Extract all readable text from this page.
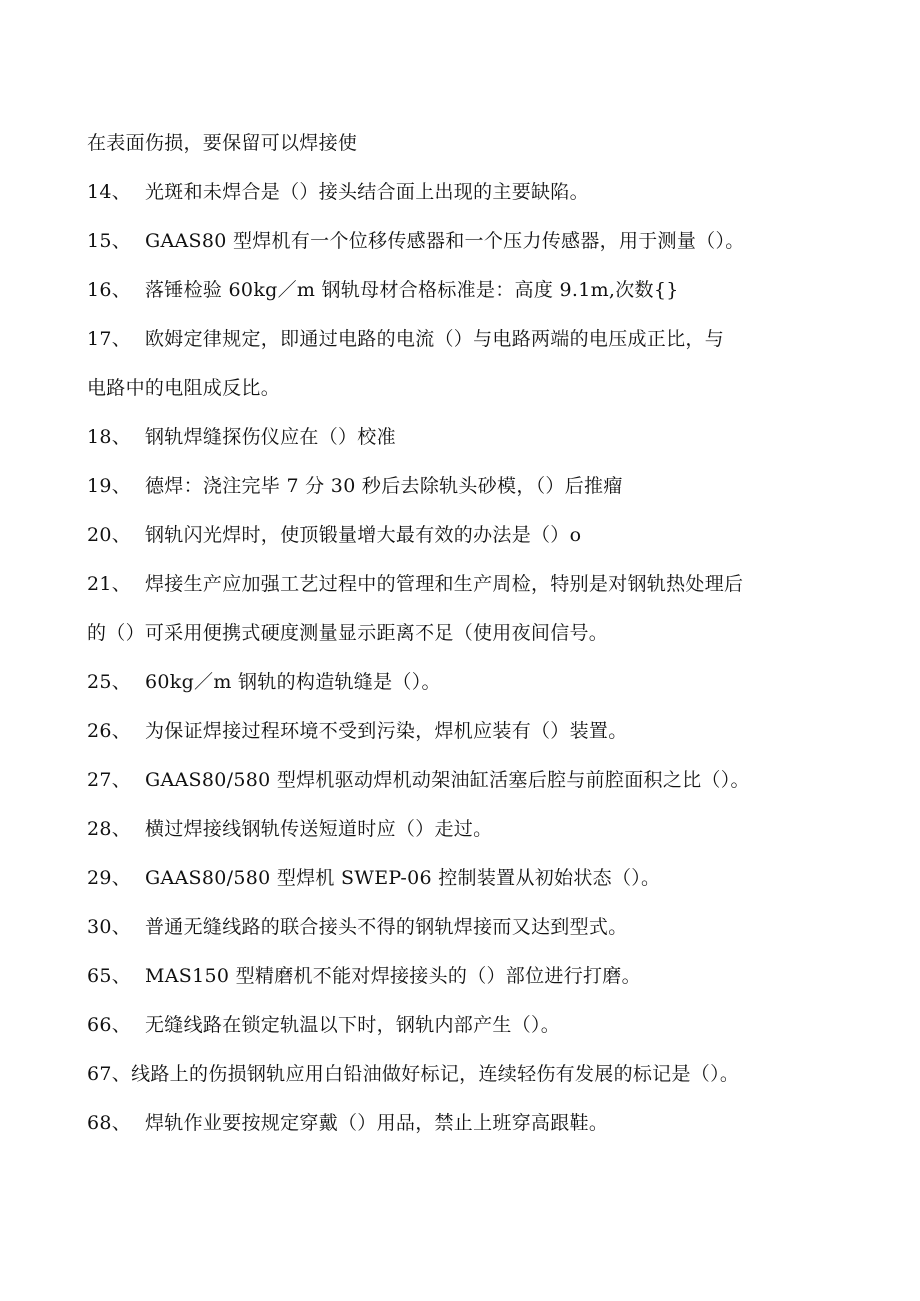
在表面伤损，要保留可以焊接使
14、 光斑和未焊合是（）接头结合面上出现的主要缺陷。
15、 GAAS80 型焊机有一个位移传感器和一个压力传感器，用于测量（）。
16、 落锤检验 60kg／m 钢轨母材合格标准是：高度 9.1m,次数{}
17、 欧姆定律规定，即通过电路的电流（）与电路两端的电压成正比，与
电路中的电阻成反比。
18、 钢轨焊缝探伤仪应在（）校准
19、 德焊：浇注完毕 7 分 30 秒后去除轨头砂模，（）后推瘤
20、 钢轨闪光焊时，使顶锻量增大最有效的办法是（）o
21、 焊接生产应加强工艺过程中的管理和生产周检，特别是对钢轨热处理后
的（）可采用便携式硬度测量显示距离不足（使用夜间信号。
25、 60kg／m 钢轨的构造轨缝是（）。
26、 为保证焊接过程环境不受到污染，焊机应装有（）装置。
27、 GAAS80/580 型焊机驱动焊机动架油缸活塞后腔与前腔面积之比（）。
28、 横过焊接线钢轨传送短道时应（）走过。
29、 GAAS80/580 型焊机 SWEP-06 控制装置从初始状态（）。
30、 普通无缝线路的联合接头不得的钢轨焊接而又达到型式。
65、 MAS150 型精磨机不能对焊接接头的（）部位进行打磨。
66、 无缝线路在锁定轨温以下时，钢轨内部产生（）。
67、线路上的伤损钢轨应用白铅油做好标记，连续轻伤有发展的标记是（）。
68、 焊轨作业要按规定穿戴（）用品，禁止上班穿高跟鞋。
